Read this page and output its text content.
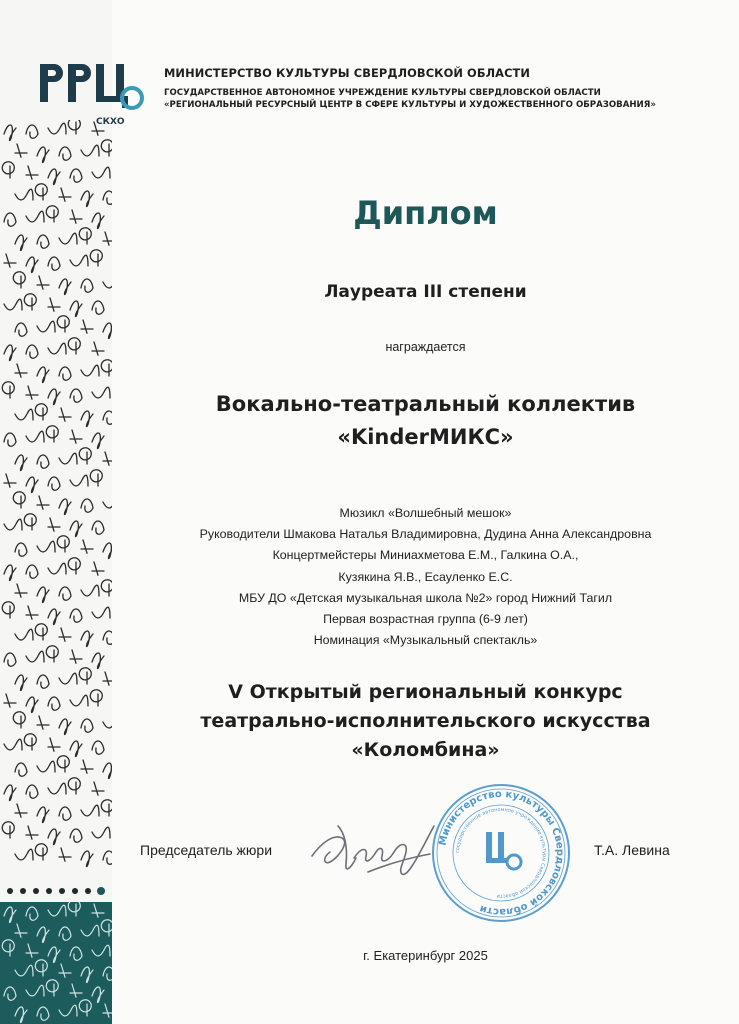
СКХО
МИНИСТЕРСТВО КУЛЬТУРЫ СВЕРДЛОВСКОЙ ОБЛАСТИ
ГОСУДАРСТВЕННОЕ АВТОНОМНОЕ УЧРЕЖДЕНИЕ КУЛЬТУРЫ СВЕРДЛОВСКОЙ ОБЛАСТИ
«РЕГИОНАЛЬНЫЙ РЕСУРСНЫЙ ЦЕНТР В СФЕРЕ КУЛЬТУРЫ И ХУДОЖЕСТВЕННОГО ОБРАЗОВАНИЯ»
Диплом
Лауреата III степени
награждается
Вокально-театральный коллектив
«KinderМИКС»
Мюзикл «Волшебный мешок»
Руководители Шмакова Наталья Владимировна, Дудина Анна Александровна
Концертмейстеры Миниахметова Е.М., Галкина О.А.,
Кузякина Я.В., Есауленко Е.С.
МБУ ДО «Детская музыкальная школа №2» город Нижний Тагил
Первая возрастная группа (6-9 лет)
Номинация «Музыкальный спектакль»
V Открытый региональный конкурс
театрально-исполнительского искусства
«Коломбина»
Председатель жюри	Т.А. Левина
Министерство культуры Свердловской области
государственное автономное учреждение культуры Свердловской области
г. Екатеринбург 2025
